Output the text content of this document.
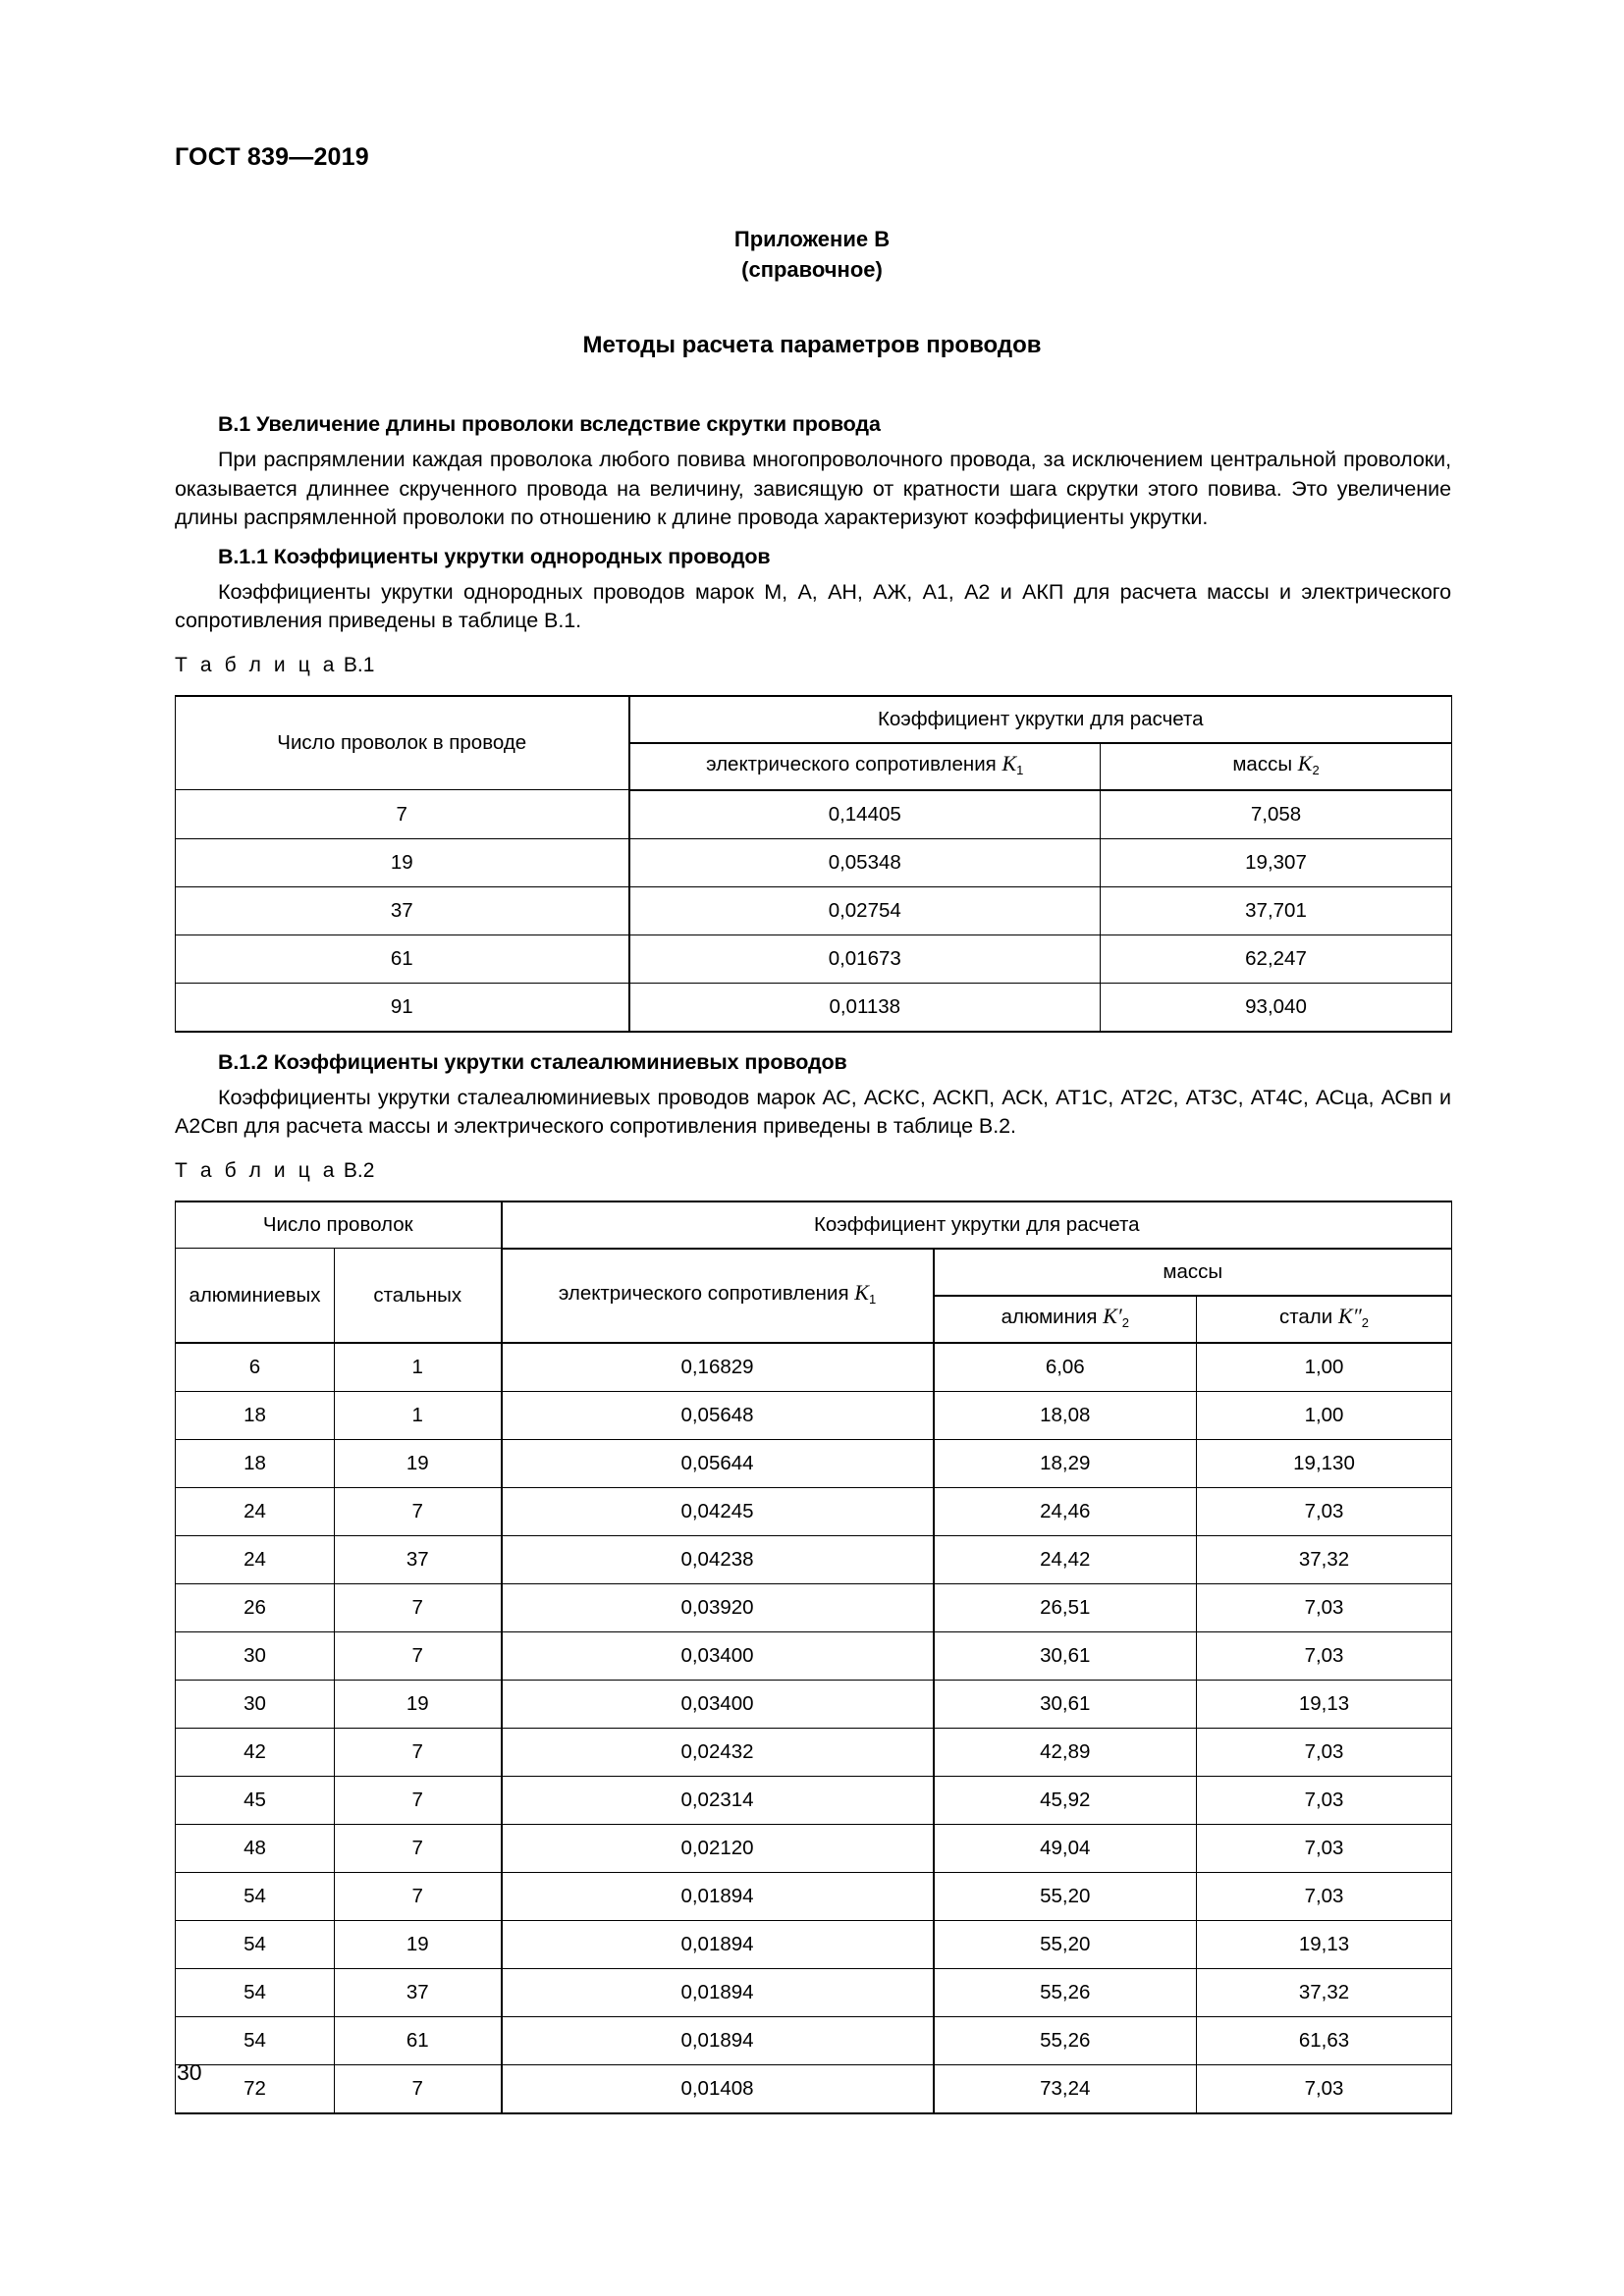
ГОСТ 839—2019
Приложение В
(справочное)
Методы расчета параметров проводов
В.1 Увеличение длины проволоки вследствие скрутки провода

При распрямлении каждая проволока любого повива многопроволочного провода, за исключением центральной проволоки, оказывается длиннее скрученного провода на величину, зависящую от кратности шага скрутки этого повива. Это увеличение длины распрямленной проволоки по отношению к длине провода характеризуют коэффициенты укрутки.

В.1.1 Коэффициенты укрутки однородных проводов

Коэффициенты укрутки однородных проводов марок М, А, АН, АЖ, А1, А2 и АКП для расчета массы и электрического сопротивления приведены в таблице В.1.

Т а б л и ц а В.1

Число проволок в проводе	Коэффициент укрутки для расчета	
	электрического сопротивления $K_1$	массы $K_2$
7	0,14405	7,058
19	0,05348	19,307
37	0,02754	37,701
61	0,01673	62,247
91	0,01138	93,040
В.1.2 Коэффициенты укрутки сталеалюминиевых проводов

Коэффициенты укрутки сталеалюминиевых проводов марок АС, АСКС, АСКП, АСК, АТ1С, АТ2С, АТ3С, АТ4С, АСца, АСвп и А2Свп для расчета массы и электрического сопротивления приведены в таблице В.2.

Т а б л и ц а В.2

Число проволок		Коэффициент укрутки для расчета		
алюминиевых	стальных	электрического сопротивления $K_1$	массы	
			алюминия $K'_2$	стали $K''_2$
6	1	0,16829	6,06	1,00
18	1	0,05648	18,08	1,00
18	19	0,05644	18,29	19,130
24	7	0,04245	24,46	7,03
24	37	0,04238	24,42	37,32
26	7	0,03920	26,51	7,03
30	7	0,03400	30,61	7,03
30	19	0,03400	30,61	19,13
42	7	0,02432	42,89	7,03
45	7	0,02314	45,92	7,03
48	7	0,02120	49,04	7,03
54	7	0,01894	55,20	7,03
54	19	0,01894	55,20	19,13
54	37	0,01894	55,26	37,32
54	61	0,01894	55,26	61,63
72	7	0,01408	73,24	7,03
30
